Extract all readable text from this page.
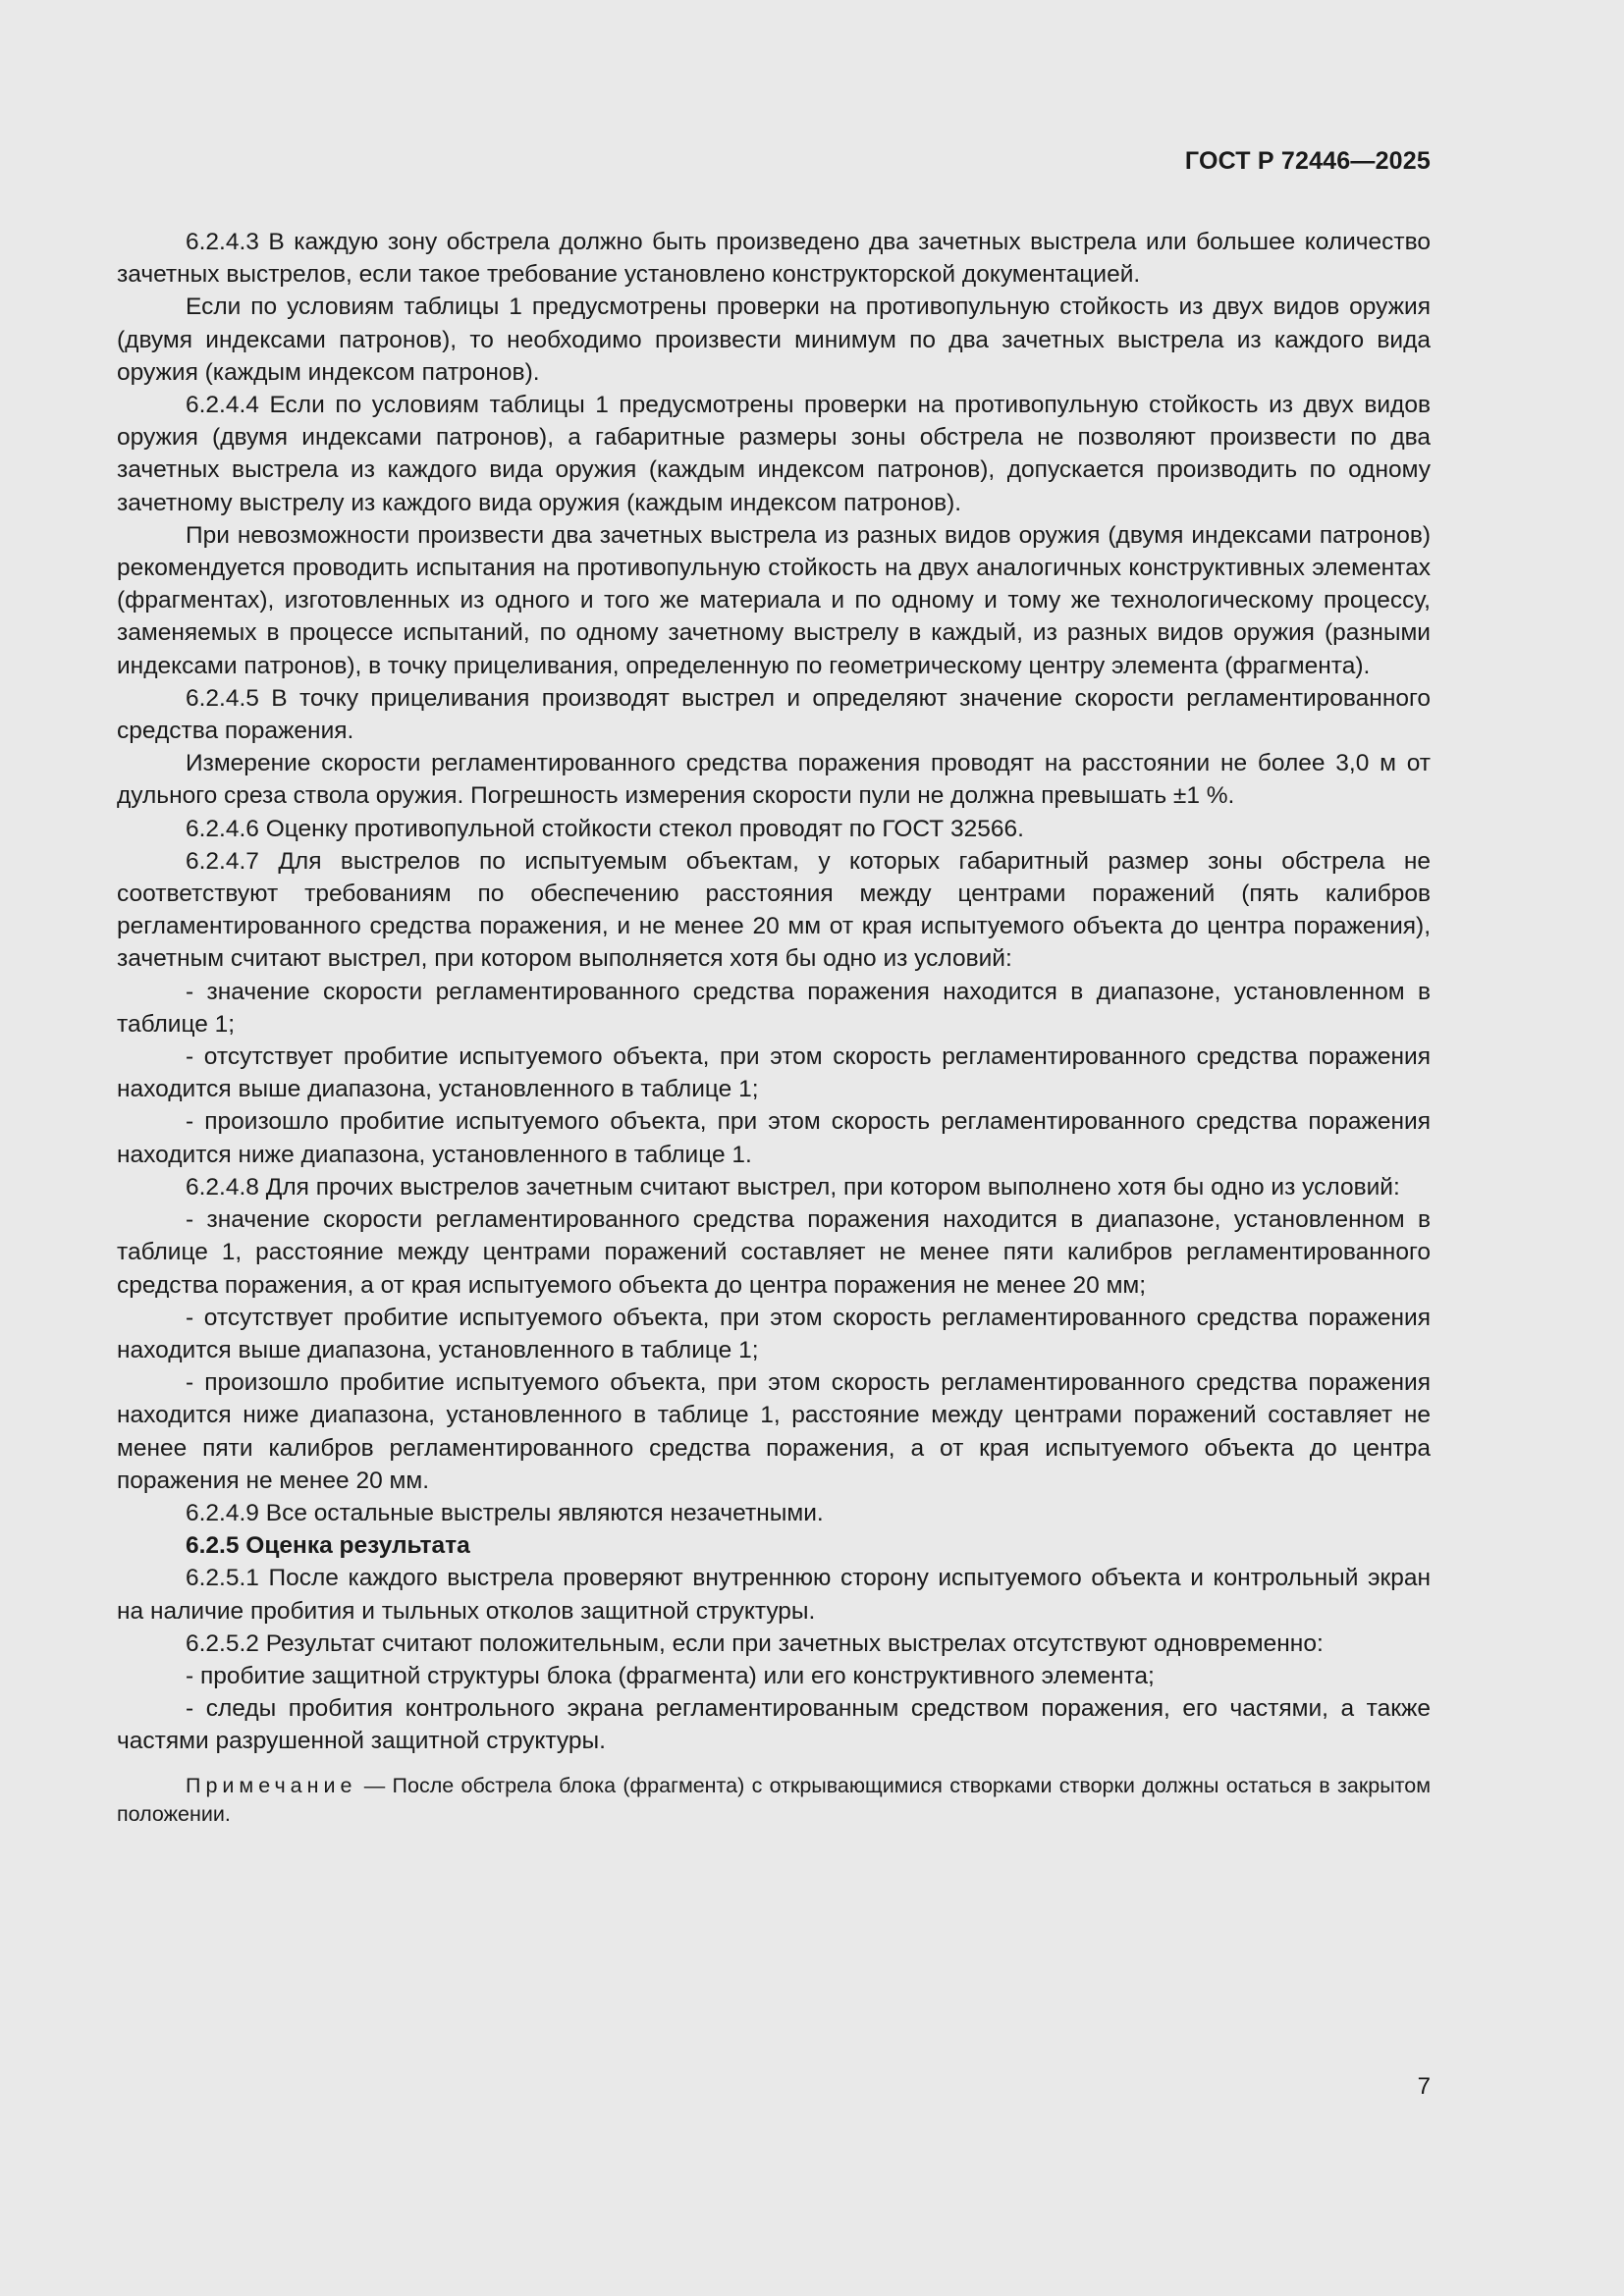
ГОСТ Р 72446—2025

6.2.4.3 В каждую зону обстрела должно быть произведено два зачетных выстрела или большее количество зачетных выстрелов, если такое требование установлено конструкторской документацией.

Если по условиям таблицы 1 предусмотрены проверки на противопульную стойкость из двух видов оружия (двумя индексами патронов), то необходимо произвести минимум по два зачетных выстрела из каждого вида оружия (каждым индексом патронов).

6.2.4.4 Если по условиям таблицы 1 предусмотрены проверки на противопульную стойкость из двух видов оружия (двумя индексами патронов), а габаритные размеры зоны обстрела не позволяют произвести по два зачетных выстрела из каждого вида оружия (каждым индексом патронов), допускается производить по одному зачетному выстрелу из каждого вида оружия (каждым индексом патронов).

При невозможности произвести два зачетных выстрела из разных видов оружия (двумя индексами патронов) рекомендуется проводить испытания на противопульную стойкость на двух аналогичных конструктивных элементах (фрагментах), изготовленных из одного и того же материала и по одному и тому же технологическому процессу, заменяемых в процессе испытаний, по одному зачетному выстрелу в каждый, из разных видов оружия (разными индексами патронов), в точку прицеливания, определенную по геометрическому центру элемента (фрагмента).

6.2.4.5 В точку прицеливания производят выстрел и определяют значение скорости регламентированного средства поражения.

Измерение скорости регламентированного средства поражения проводят на расстоянии не более 3,0 м от дульного среза ствола оружия. Погрешность измерения скорости пули не должна превышать ±1 %.

6.2.4.6 Оценку противопульной стойкости стекол проводят по ГОСТ 32566.

6.2.4.7 Для выстрелов по испытуемым объектам, у которых габаритный размер зоны обстрела не соответствуют требованиям по обеспечению расстояния между центрами поражений (пять калибров регламентированного средства поражения, и не менее 20 мм от края испытуемого объекта до центра поражения), зачетным считают выстрел, при котором выполняется хотя бы одно из условий:

- значение скорости регламентированного средства поражения находится в диапазоне, установленном в таблице 1;

- отсутствует пробитие испытуемого объекта, при этом скорость регламентированного средства поражения находится выше диапазона, установленного в таблице 1;

- произошло пробитие испытуемого объекта, при этом скорость регламентированного средства поражения находится ниже диапазона, установленного в таблице 1.

6.2.4.8 Для прочих выстрелов зачетным считают выстрел, при котором выполнено хотя бы одно из условий:

- значение скорости регламентированного средства поражения находится в диапазоне, установленном в таблице 1, расстояние между центрами поражений составляет не менее пяти калибров регламентированного средства поражения, а от края испытуемого объекта до центра поражения не менее 20 мм;

- отсутствует пробитие испытуемого объекта, при этом скорость регламентированного средства поражения находится выше диапазона, установленного в таблице 1;

- произошло пробитие испытуемого объекта, при этом скорость регламентированного средства поражения находится ниже диапазона, установленного в таблице 1, расстояние между центрами поражений составляет не менее пяти калибров регламентированного средства поражения, а от края испытуемого объекта до центра поражения не менее 20 мм.

6.2.4.9 Все остальные выстрелы являются незачетными.

6.2.5 Оценка результата

6.2.5.1 После каждого выстрела проверяют внутреннюю сторону испытуемого объекта и контрольный экран на наличие пробития и тыльных отколов защитной структуры.

6.2.5.2 Результат считают положительным, если при зачетных выстрелах отсутствуют одновременно:

- пробитие защитной структуры блока (фрагмента) или его конструктивного элемента;

- следы пробития контрольного экрана регламентированным средством поражения, его частями, а также частями разрушенной защитной структуры.

Примечание — После обстрела блока (фрагмента) с открывающимися створками створки должны остаться в закрытом положении.

7
